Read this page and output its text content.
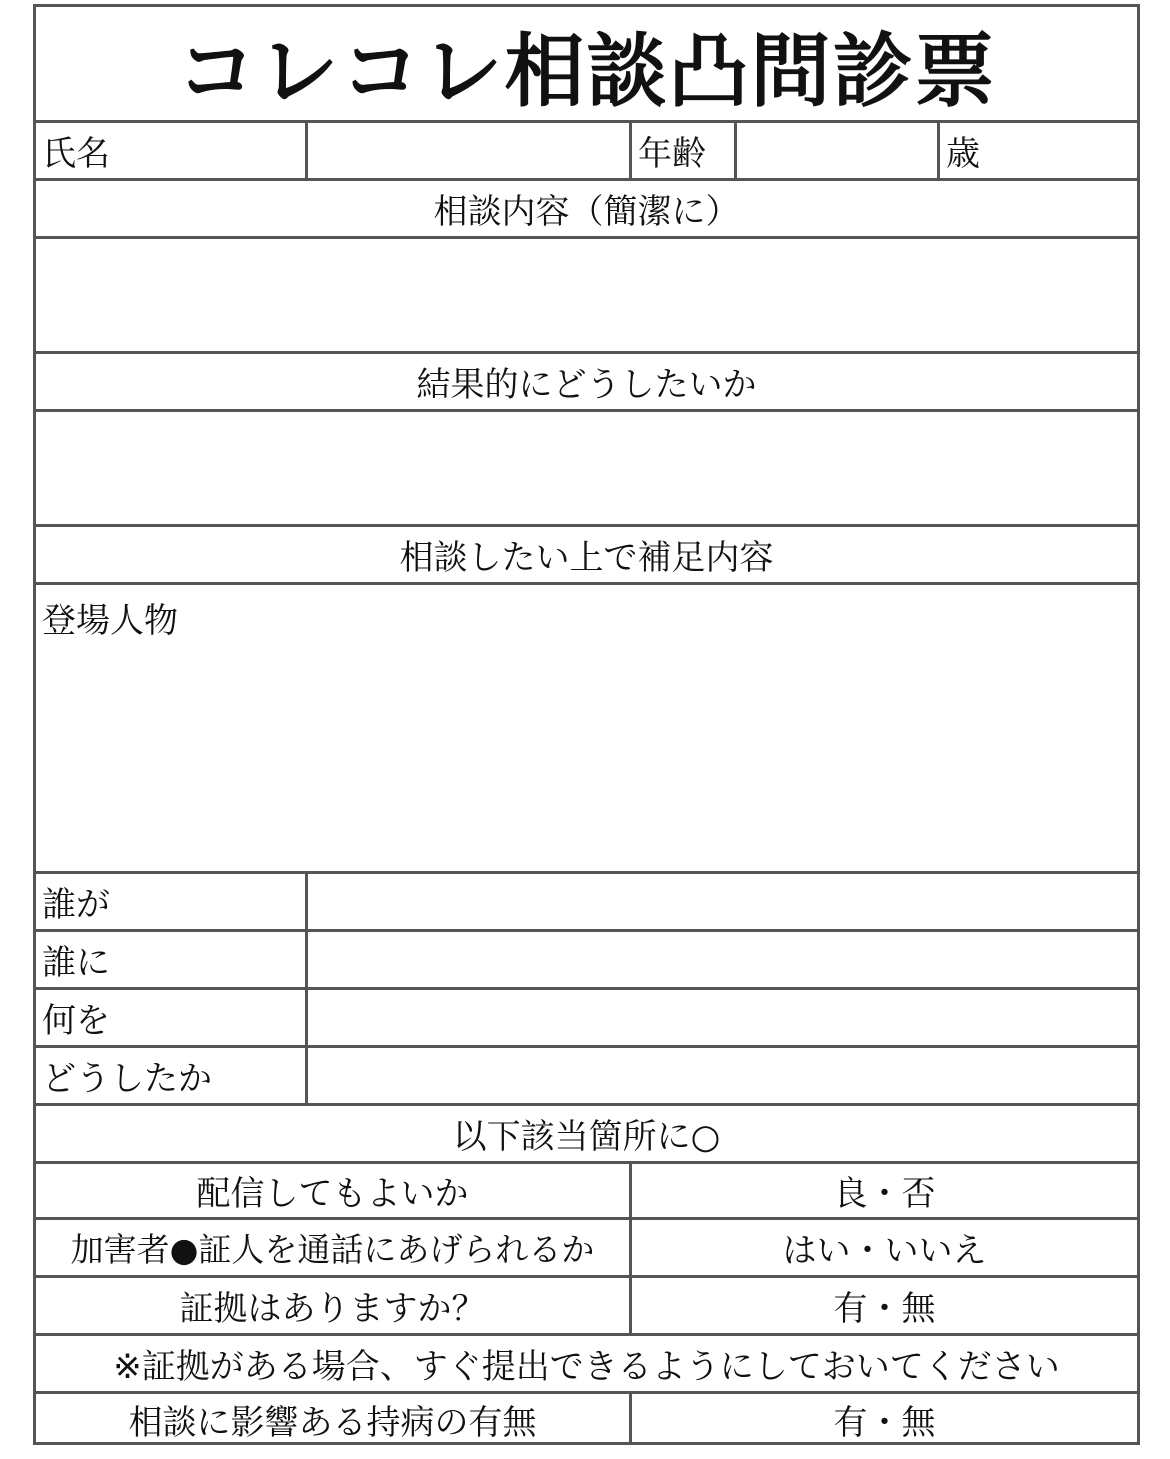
コレコレ相談凸問診票
氏名	年齢	歳
相談内容（簡潔に）
結果的にどうしたいか
相談したい上で補足内容
登場人物
誰が
誰に
何を
どうしたか
以下該当箇所に○
配信してもよいか	良・否
加害者●証人を通話にあげられるか	はい・いいえ
証拠はありますか？	有・無
※証拠がある場合、すぐ提出できるようにしておいてください
相談に影響ある持病の有無	有・無
